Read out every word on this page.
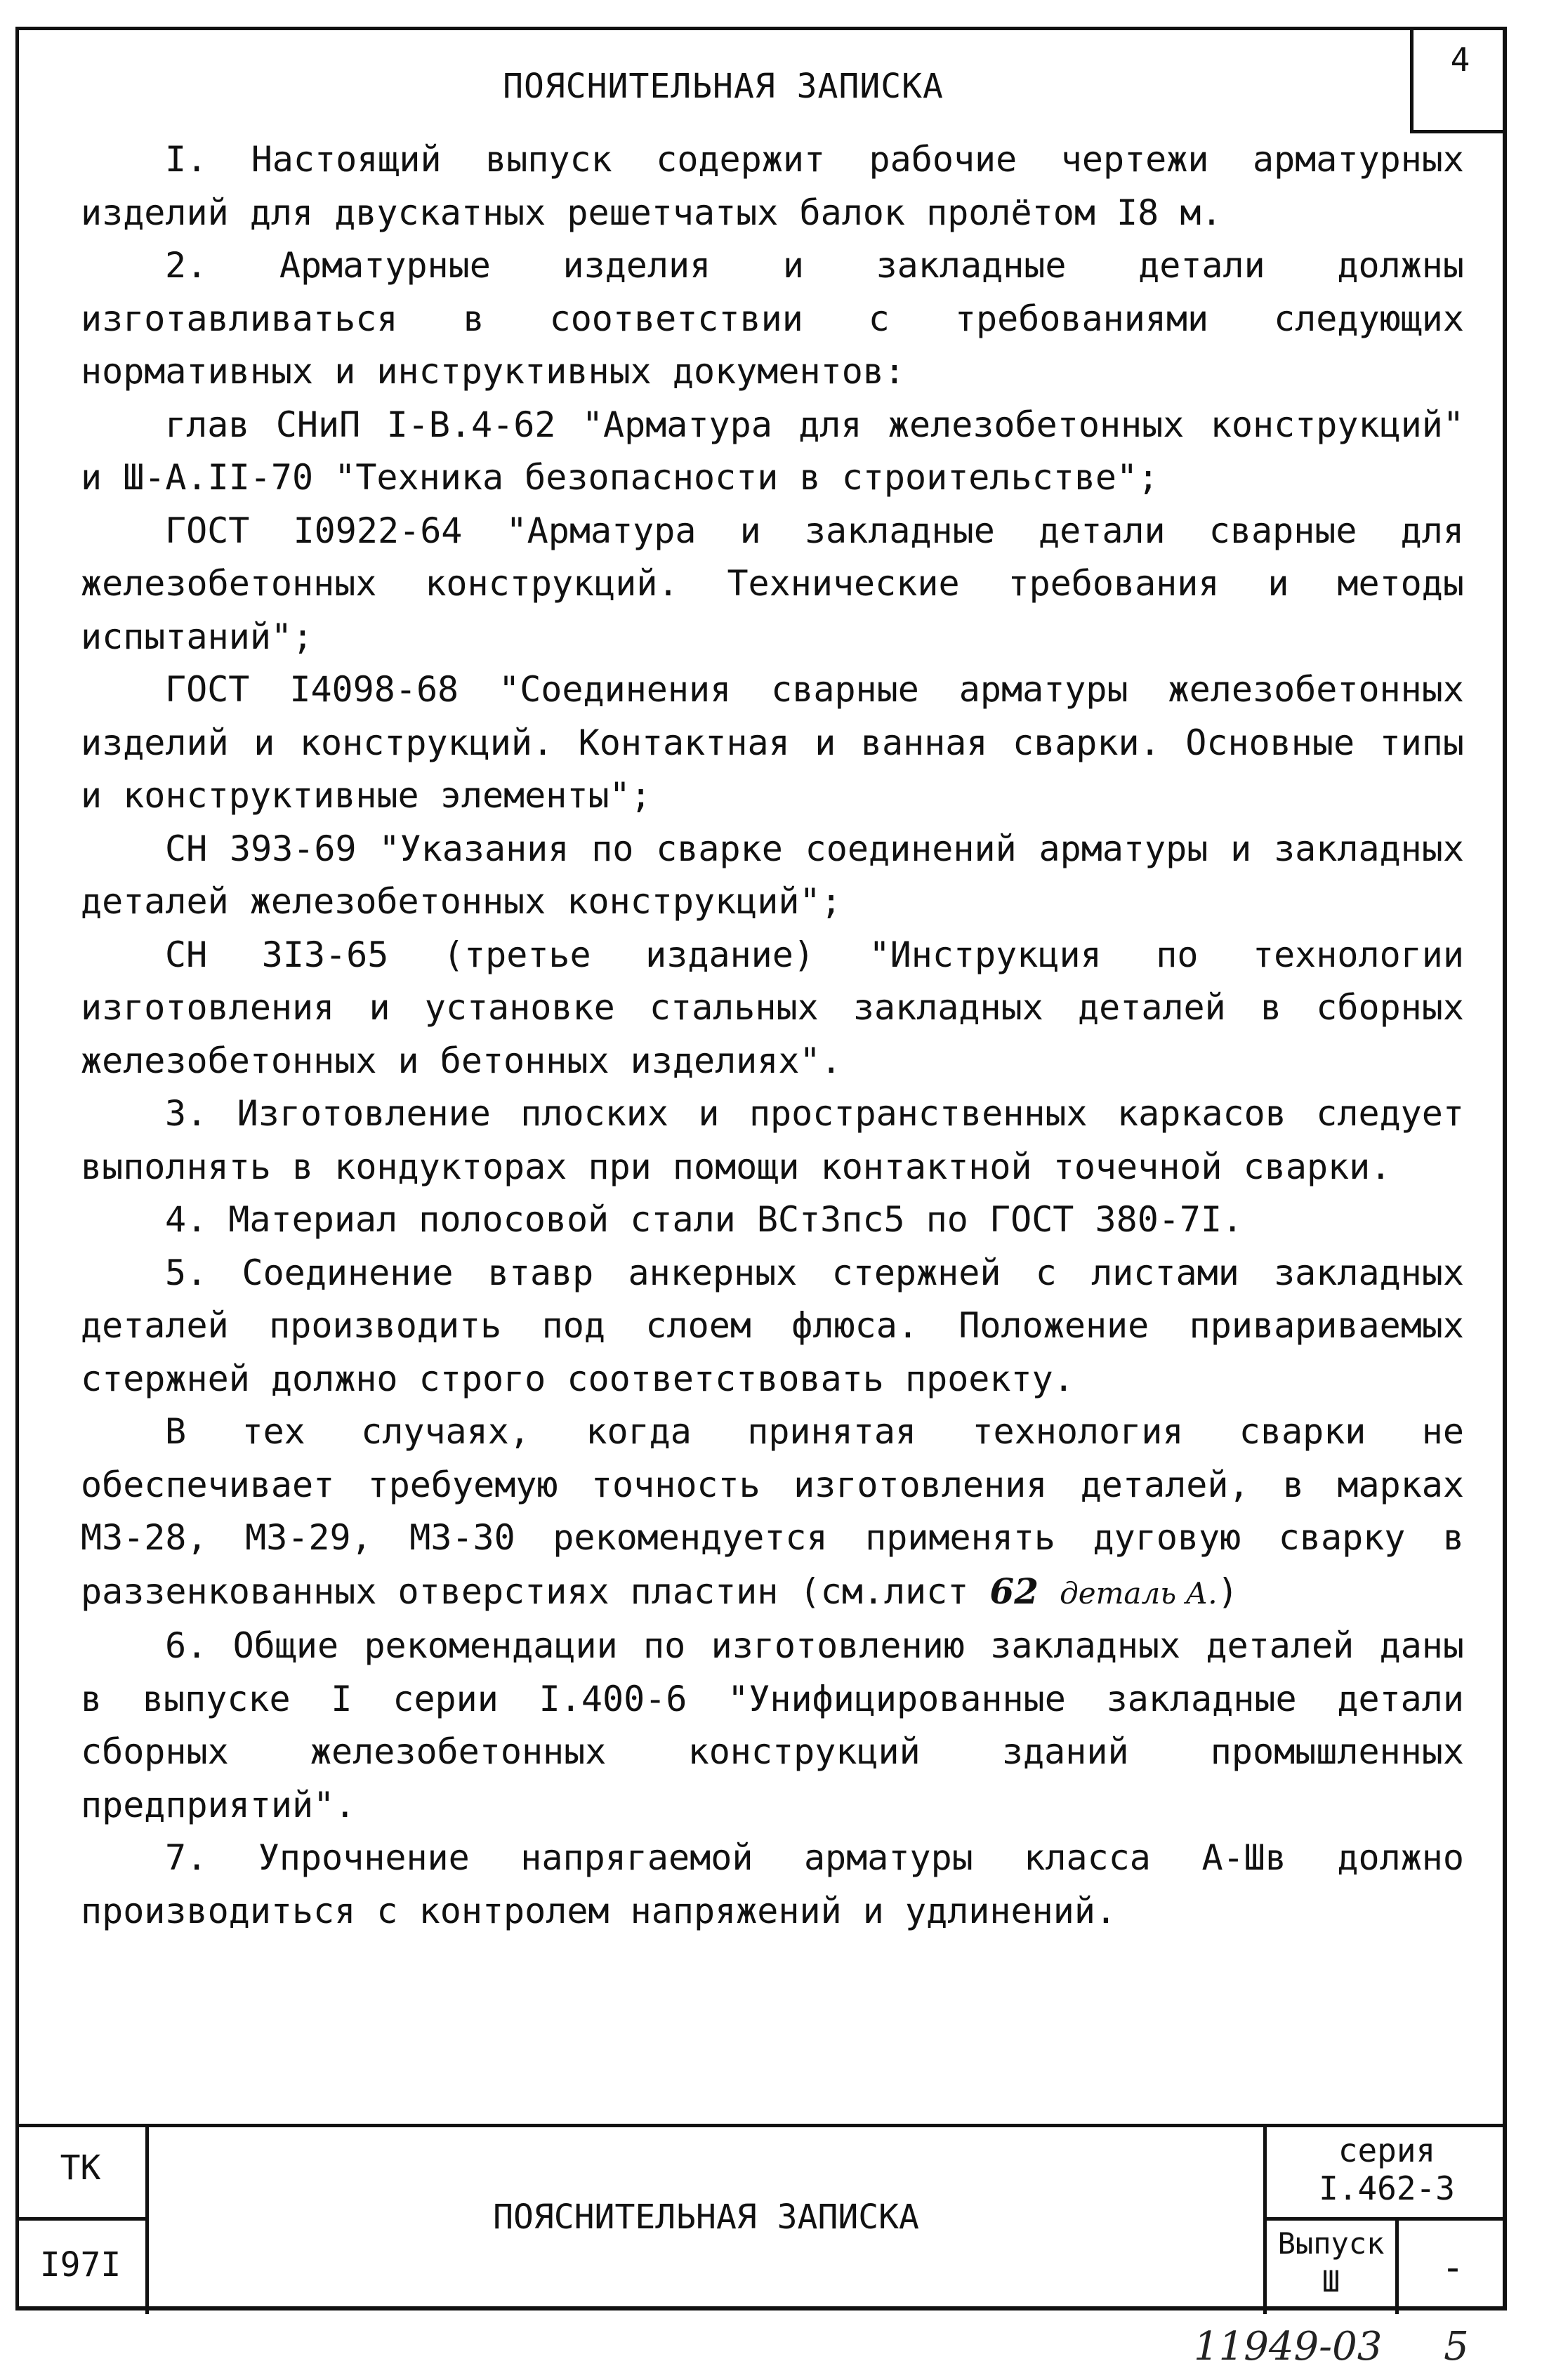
ПОЯСНИТЕЛЬНАЯ ЗАПИСКА
4

I. Настоящий выпуск содержит рабочие чертежи арматурных изделий для двускатных решетчатых балок пролётом I8 м.

2. Арматурные изделия и закладные детали должны изготавливаться в соответствии с требованиями следующих нормативных и инструктивных документов:

глав СНиП I-В.4-62 "Арматура для железобетонных конструкций" и Ш-А.II-70 "Техника безопасности в строительстве";

ГОСТ I0922-64 "Арматура и закладные детали сварные для железобетонных конструкций. Технические требования и методы испытаний";

ГОСТ I4098-68 "Соединения сварные арматуры железобетонных изделий и конструкций. Контактная и ванная сварки. Основные типы и конструктивные элементы";

СН 393-69 "Указания по сварке соединений арматуры и закладных деталей железобетонных конструкций";

СН 3I3-65 (третье издание) "Инструкция по технологии изготовления и установке стальных закладных деталей в сборных железобетонных и бетонных изделиях".

3. Изготовление плоских и пространственных каркасов следует выполнять в кондукторах при помощи контактной точечной сварки.

4. Материал полосовой стали ВСт3пс5 по ГОСТ 380-7I.

5. Соединение втавр анкерных стержней с листами закладных деталей производить под слоем флюса. Положение привариваемых стержней должно строго соответствовать проекту.

В тех случаях, когда принятая технология сварки не обеспечивает требуемую точность изготовления деталей, в марках МЗ-28, МЗ-29, МЗ-30 рекомендуется применять дуговую сварку в раззенкованных отверстиях пластин (см.лист 62 деталь А.)

6. Общие рекомендации по изготовлению закладных деталей даны в выпуске I серии I.400-6 "Унифицированные закладные детали сборных железобетонных конструкций зданий промышленных предприятий".

7. Упрочнение напрягаемой арматуры класса А-Шв должно производиться с контролем напряжений и удлинений.

ТК
I97I
ПОЯСНИТЕЛЬНАЯ ЗАПИСКА
серия
I.462-3
Выпуск
Ш	-
11949-03 5
